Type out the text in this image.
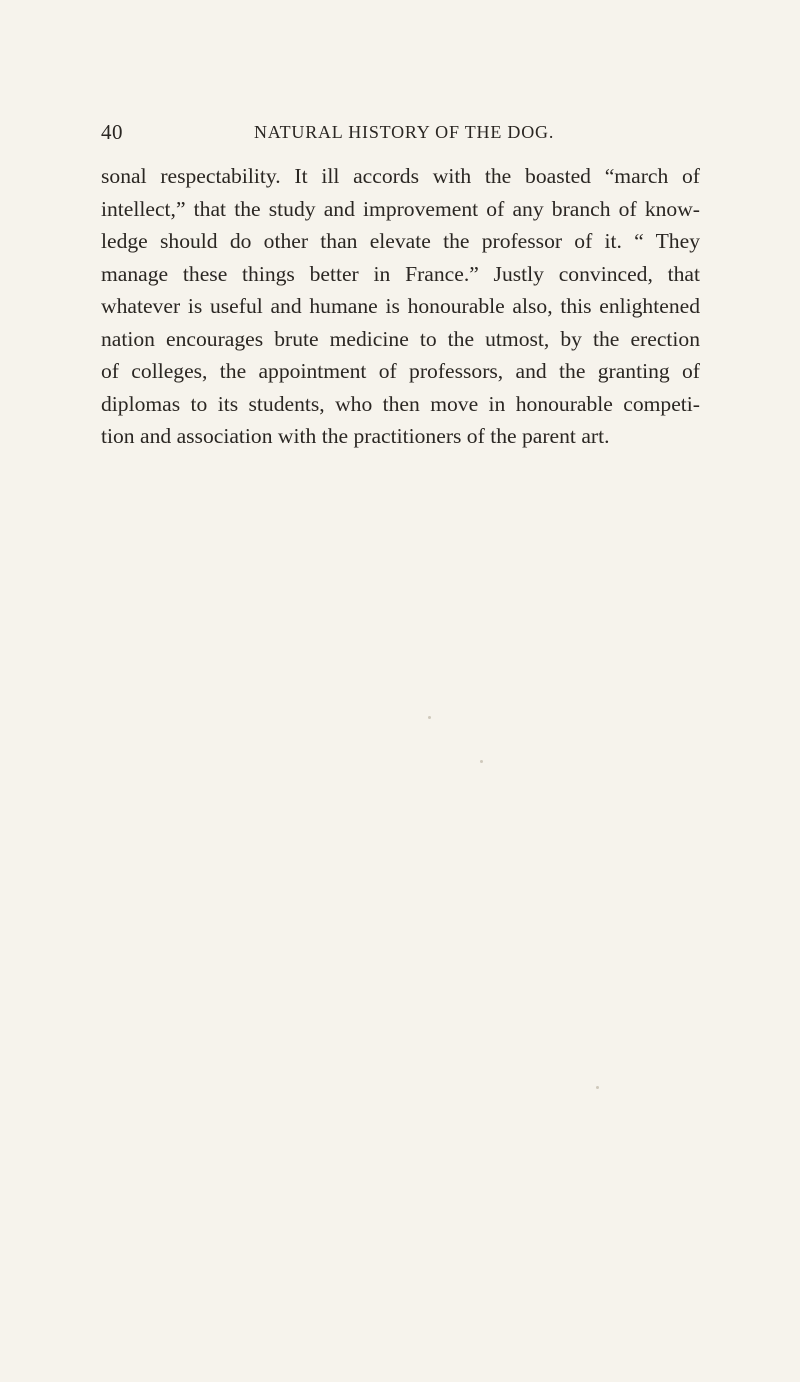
40	NATURAL HISTORY OF THE DOG.

sonal respectability. It ill accords with the boasted “march of
intellect,” that the study and improvement of any branch of know-
ledge should do other than elevate the professor of it. “ They
manage these things better in France.” Justly convinced, that
whatever is useful and humane is honourable also, this enlightened
nation encourages brute medicine to the utmost, by the erection
of colleges, the appointment of professors, and the granting of
diplomas to its students, who then move in honourable competi-
tion and association with the practitioners of the parent art.
